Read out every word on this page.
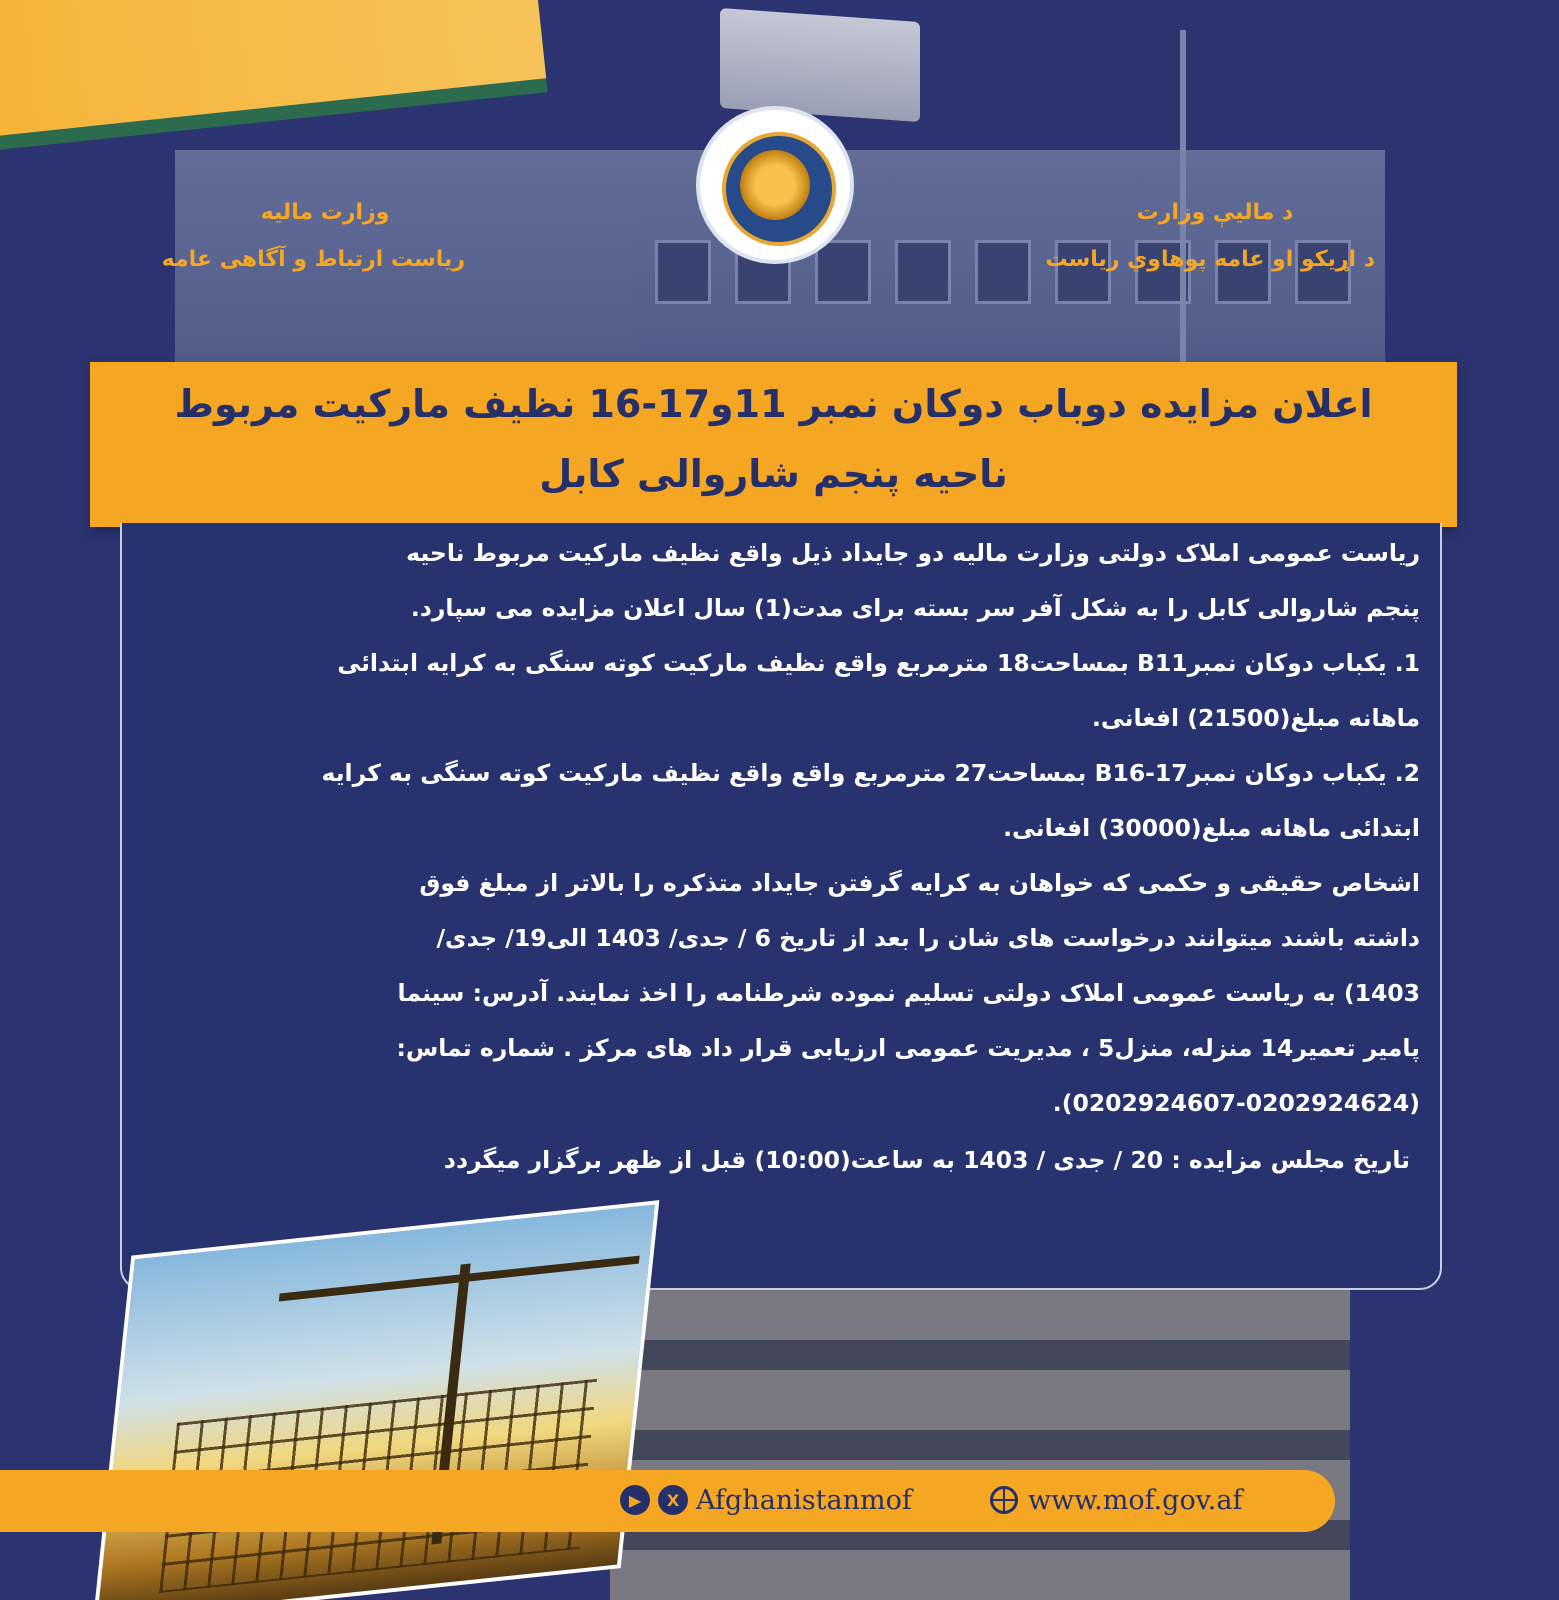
وزارت مالیه
ریاست ارتباط و آگاهی عامه
د مالیې وزارت
د اړیکو او عامه پوهاوي ریاست
اعلان مزایده دوباب دوکان نمبر 11و17-16 نظیف مارکیت مربوط
ناحیه پنجم شاروالی کابل
ریاست عمومی املاک دولتی وزارت مالیه دو جایداد ذیل واقع نظیف مارکیت مربوط ناحیه
پنجم شاروالی کابل را به شکل آفر سر بسته برای مدت(1) سال اعلان مزایده می سپارد.
1. یکباب دوکان نمبرB11 بمساحت18 مترمربع واقع نظیف مارکیت کوته سنگی به کرایه ابتدائی
ماهانه مبلغ(21500) افغانی.
2. یکباب دوکان نمبرB16-17 بمساحت27 مترمربع واقع واقع نظیف مارکیت کوته سنگی به کرایه
ابتدائی ماهانه مبلغ(30000) افغانی.
اشخاص حقیقی و حکمی که خواهان به کرایه گرفتن جایداد متذکره را بالاتر از مبلغ فوق
داشته باشند میتوانند درخواست های شان را بعد از تاریخ 6 / جدی/ 1403 الی19/ جدی/
1403) به ریاست عمومی املاک دولتی تسلیم نموده شرطنامه را اخذ نمایند. آدرس: سینما
پامیر تعمیر14 منزله، منزل5 ، مدیریت عمومی ارزیابی قرار داد های مرکز . شماره تماس:
(0202924607-0202924624).
تاریخ مجلس مزایده : 20 / جدی / 1403 به ساعت(10:00) قبل از ظهر برگزار میگردد
▶	X Afghanistanmof	www.mof.gov.af
